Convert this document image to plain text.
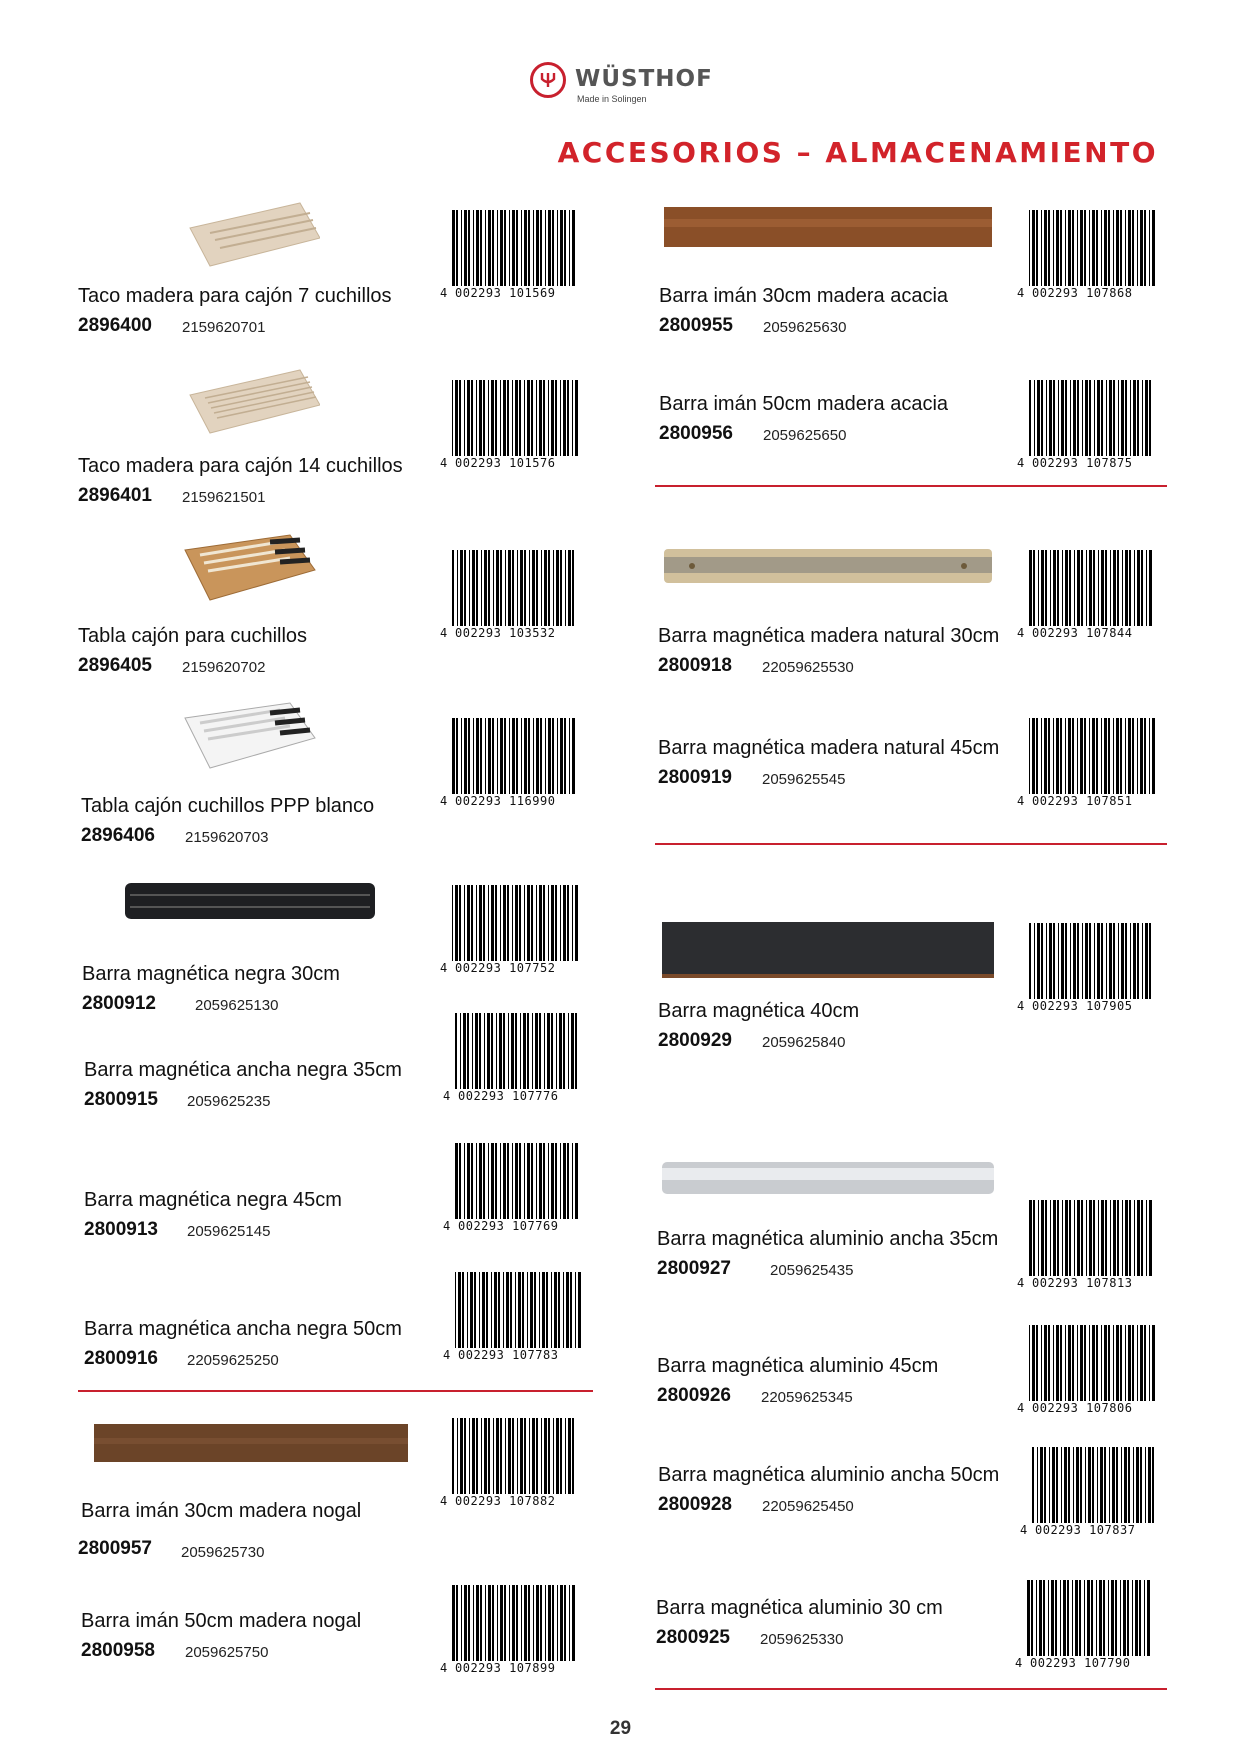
WÜSTHOF
Made in Solingen
ACCESORIOS – ALMACENAMIENTO
Taco madera para cajón 7 cuchillos
2896400 2159620701
Taco madera para cajón 14 cuchillos
2896401 2159621501
Tabla cajón para cuchillos
2896405 2159620702
Tabla cajón cuchillos PPP blanco
2896406 2159620703
Barra magnética negra 30cm
2800912	2059625130
Barra magnética ancha negra 35cm
2800915 2059625235
Barra magnética negra 45cm
2800913 2059625145
Barra magnética ancha negra 50cm
2800916 22059625250
Barra imán 30cm madera nogal
2800957 2059625730
Barra imán 50cm madera nogal
2800958 2059625750
Barra imán 30cm madera acacia
2800955 2059625630
Barra imán 50cm madera acacia
2800956 2059625650
Barra magnética madera natural 30cm
2800918 22059625530
Barra magnética madera natural 45cm
2800919 2059625545
Barra magnética 40cm
2800929 2059625840
Barra magnética aluminio ancha 35cm
2800927	2059625435
Barra magnética aluminio 45cm
2800926 22059625345
Barra magnética aluminio ancha 50cm
2800928 22059625450
Barra magnética aluminio 30 cm
2800925 2059625330
4 002293 101569
4 002293 101576
4 002293 103532
4 002293 116990
4 002293 107752
4 002293 107776
4 002293 107769
4 002293 107783
4 002293 107882
4 002293 107899
4 002293 107868
4 002293 107875
4 002293 107844
4 002293 107851
4 002293 107905
4 002293 107813
4 002293 107806
4 002293 107837
4 002293 107790
29
